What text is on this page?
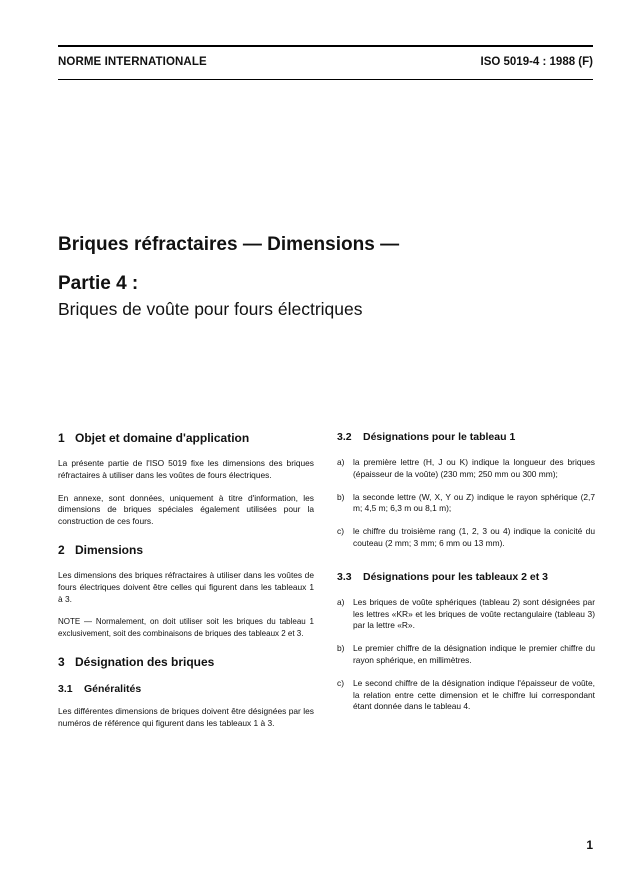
NORME INTERNATIONALE	ISO 5019-4 : 1988 (F)
Briques réfractaires — Dimensions —
Partie 4 :
Briques de voûte pour fours électriques
1 Objet et domaine d'application

La présente partie de l'ISO 5019 fixe les dimensions des briques réfractaires à utiliser dans les voûtes de fours électriques.

En annexe, sont données, uniquement à titre d'information, les dimensions de briques spéciales également utilisées pour la construction de ces fours.

2 Dimensions

Les dimensions des briques réfractaires à utiliser dans les voûtes de fours électriques doivent être celles qui figurent dans les tableaux 1 à 3.

NOTE — Normalement, on doit utiliser soit les briques du tableau 1 exclusivement, soit des combinaisons de briques des tableaux 2 et 3.

3 Désignation des briques
3.1	Généralités

Les différentes dimensions de briques doivent être désignées par les numéros de référence qui figurent dans les tableaux 1 à 3.

3.2	Désignations pour le tableau 1
a)	la première lettre (H, J ou K) indique la longueur des briques (épaisseur de la voûte) (230 mm; 250 mm ou 300 mm);
b)	la seconde lettre (W, X, Y ou Z) indique le rayon sphérique (2,7 m; 4,5 m; 6,3 m ou 8,1 m);
c)	le chiffre du troisième rang (1, 2, 3 ou 4) indique la conicité du couteau (2 mm; 3 mm; 6 mm ou 13 mm).
3.3	Désignations pour les tableaux 2 et 3
a)	Les briques de voûte sphériques (tableau 2) sont désignées par les lettres «KR» et les briques de voûte rectangulaire (tableau 3) par la lettre «R».
b)	Le premier chiffre de la désignation indique le premier chiffre du rayon sphérique, en millimètres.
c)	Le second chiffre de la désignation indique l'épaisseur de voûte, la relation entre cette dimension et le chiffre lui correspondant étant donnée dans le tableau 4.
1
